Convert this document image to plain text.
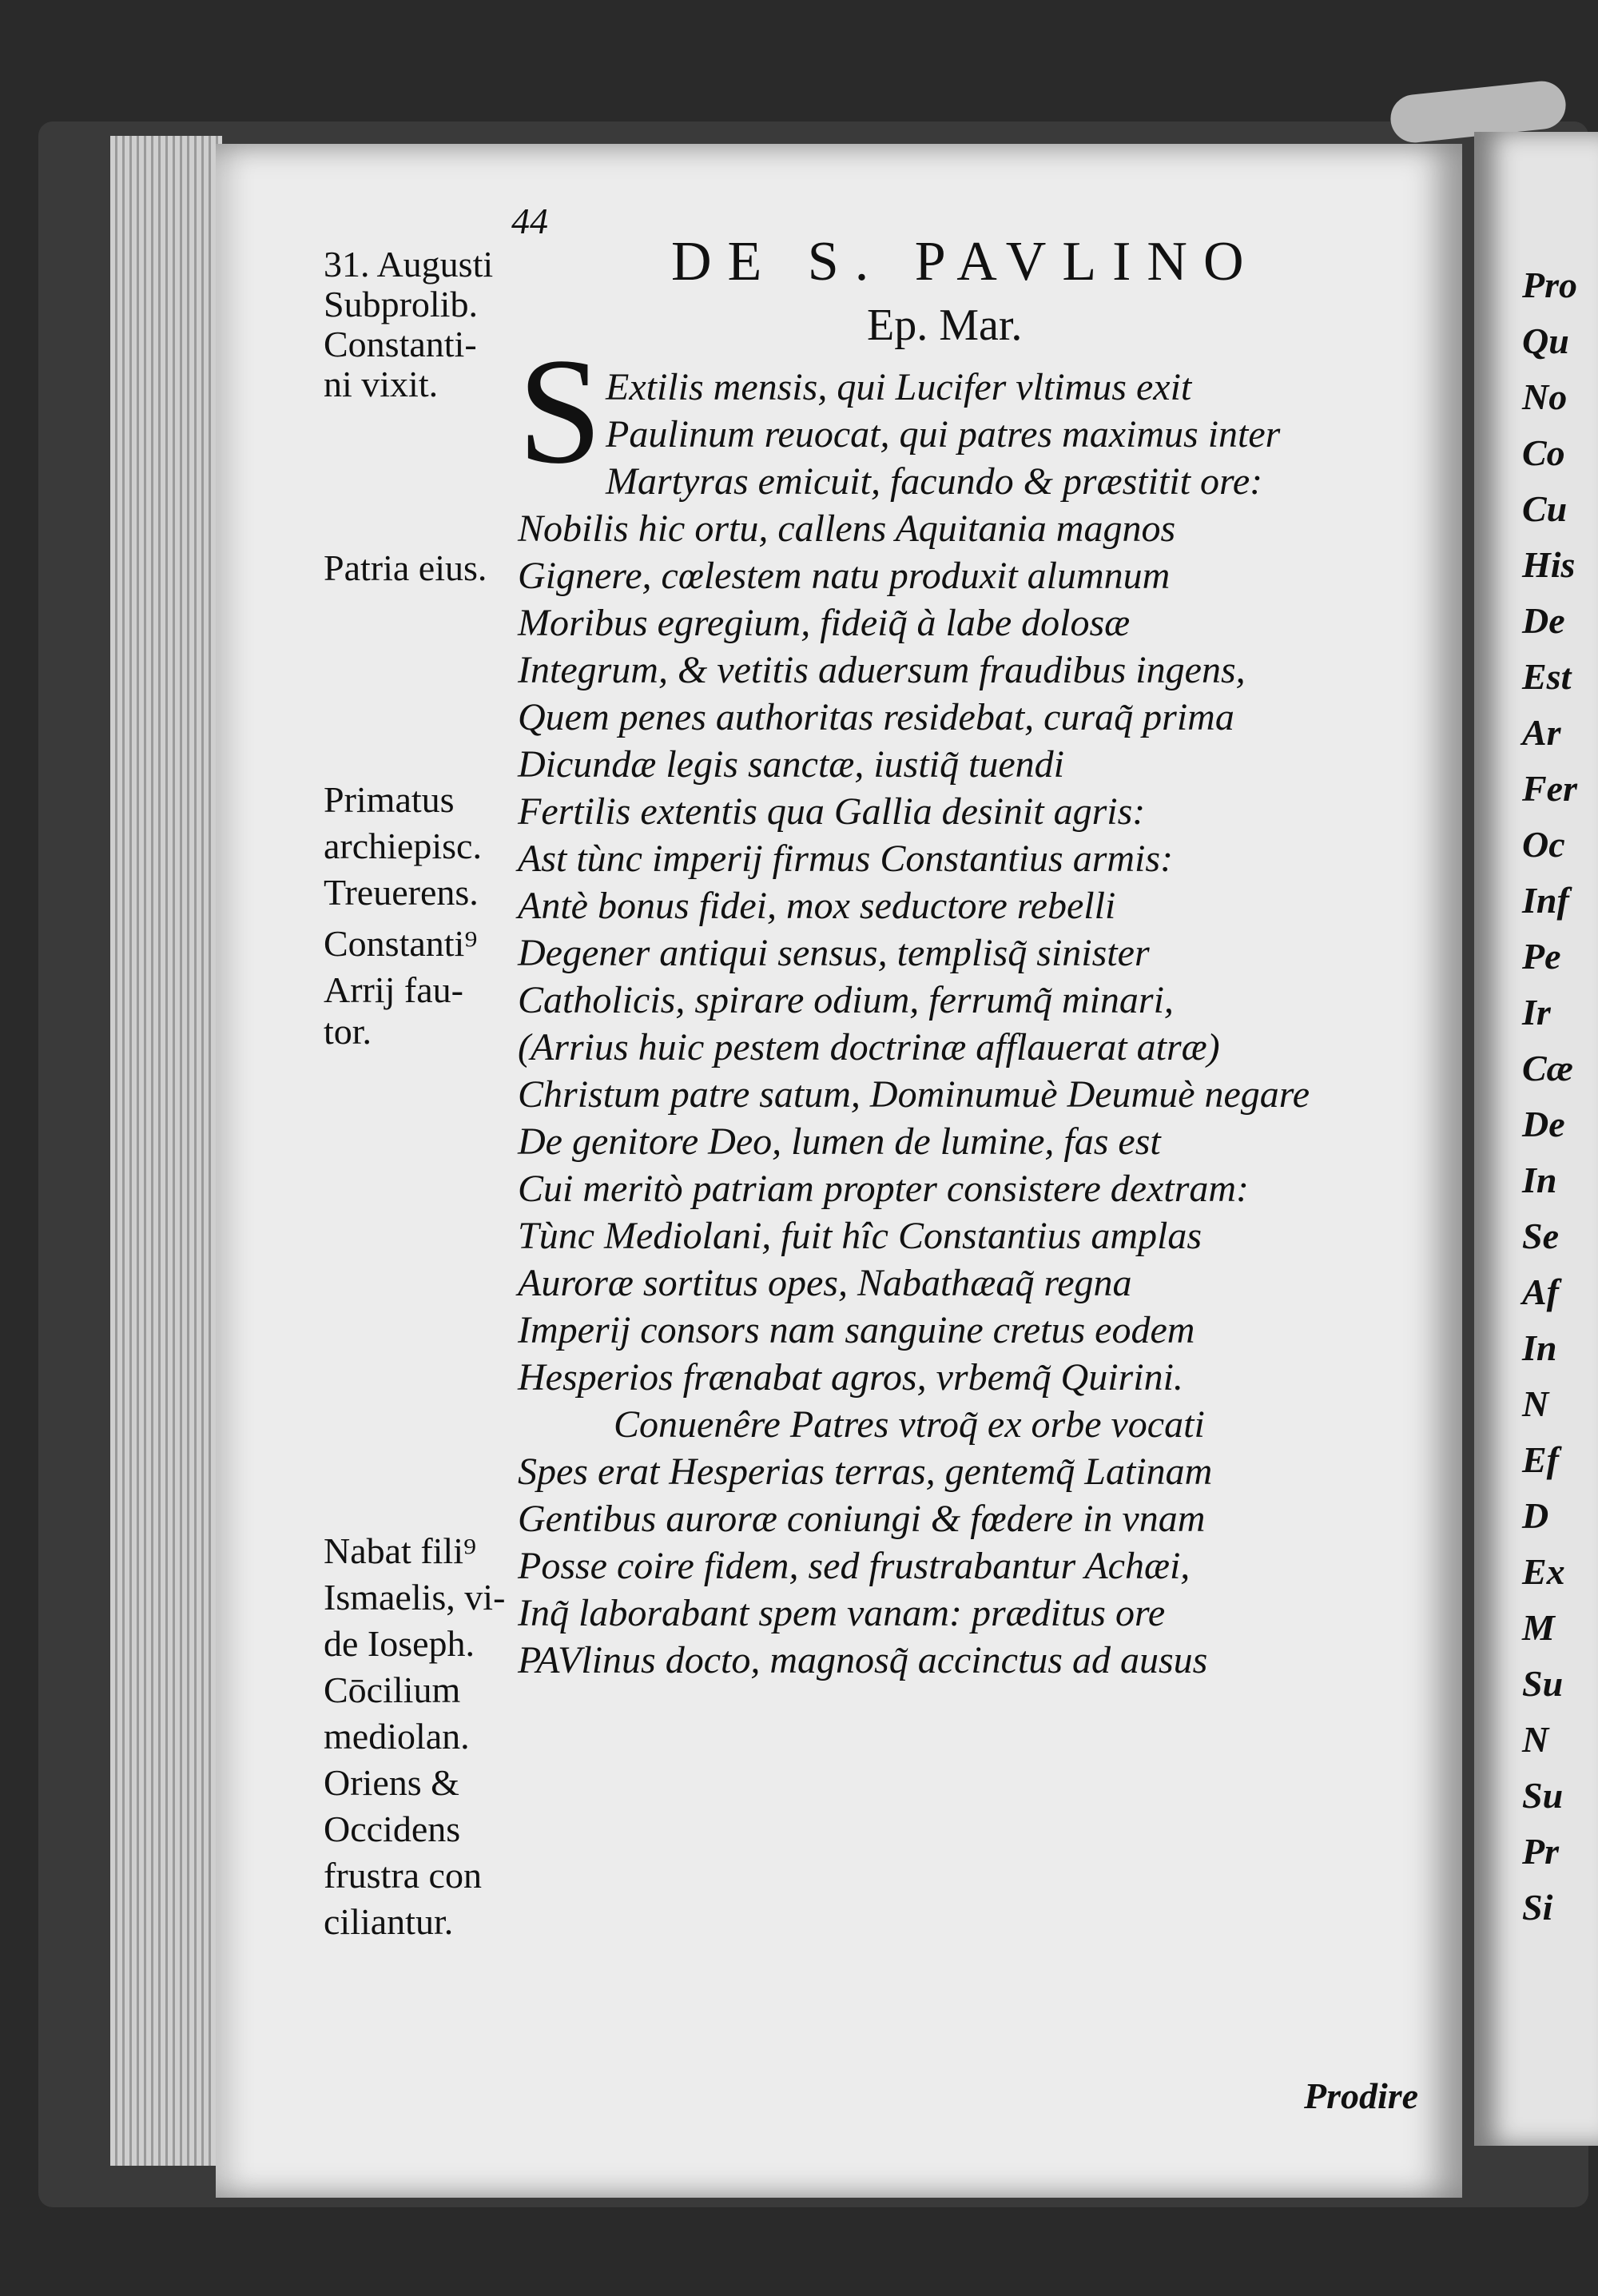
44
DE S. PAVLINO
Ep. Mar.
31. Augusti
Subprolib.
Constanti-
ni vixit.
Patria eius.
Primatus
archiepisc.
Treuerens.
Constanti⁹
Arrij fau-
tor.
Nabat fili⁹
Ismaelis, vi-
de Ioseph.
Cōcilium
mediolan.
Oriens &
Occidens
frustra con
ciliantur.
S Extilis mensis, qui Lucifer vltimus exit
Paulinum reuocat, qui patres maximus inter
Martyras emicuit, facundo & præstitit ore:
Nobilis hic ortu, callens Aquitania magnos
Gignere, cœlestem natu produxit alumnum
Moribus egregium, fideiq̃ à labe dolosæ
Integrum, & vetitis aduersum fraudibus ingens,
Quem penes authoritas residebat, curaq̃ prima
Dicundæ legis sanctæ, iustiq̃ tuendi
Fertilis extentis qua Gallia desinit agris:
Ast tùnc imperij firmus Constantius armis:
Antè bonus fidei, mox seductore rebelli
Degener antiqui sensus, templisq̃ sinister
Catholicis, spirare odium, ferrumq̃ minari,
(Arrius huic pestem doctrinæ afflauerat atræ)
Christum patre satum, Dominumuè Deumuè negare
De genitore Deo, lumen de lumine, fas est
Cui meritò patriam propter consistere dextram:
Tùnc Mediolani, fuit hîc Constantius amplas
Auroræ sortitus opes, Nabathæaq̃ regna
Imperij consors nam sanguine cretus eodem
Hesperios frænabat agros, vrbemq̃ Quirini.
Conuenêre Patres vtroq̃ ex orbe vocati
Spes erat Hesperias terras, gentemq̃ Latinam
Gentibus auroræ coniungi & fœdere in vnam
Posse coire fidem, sed frustrabantur Achæi,
Inq̃ laborabant spem vanam: præditus ore
PAVlinus docto, magnosq̃ accinctus ad ausus
Prodire
Pro
Qu
No
Co
Cu
His
De
Est
Ar
Fer
Oc
Inf
Pe
Ir
Cæ
De
In
Se
Af
In
N
Ef
D
Ex
M
Su
N
Su
Pr
Si
